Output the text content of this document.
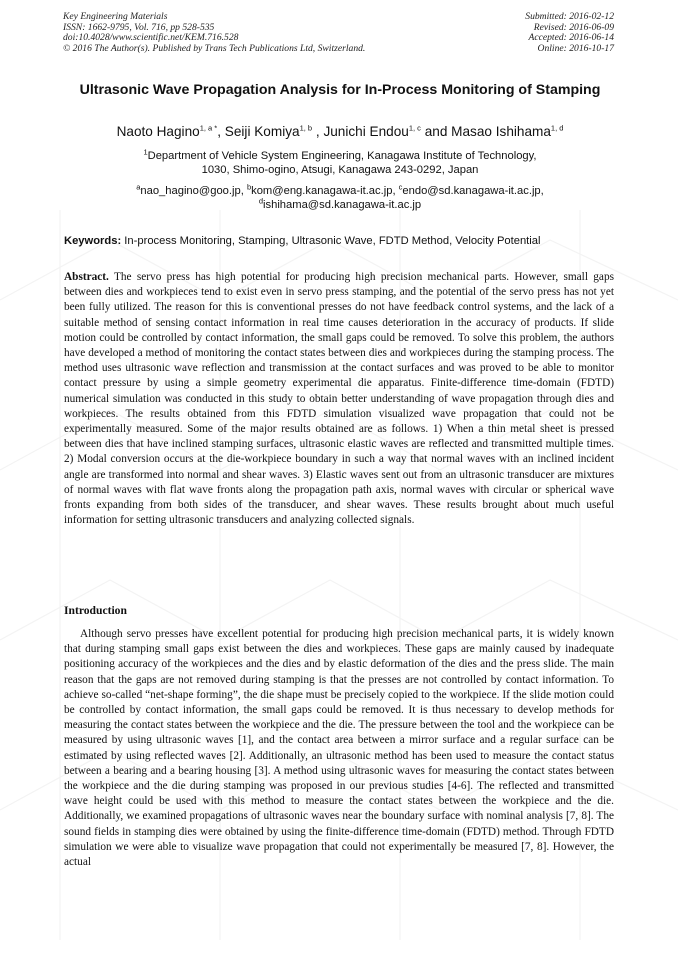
Key Engineering Materials
ISSN: 1662-9795, Vol. 716, pp 528-535
doi:10.4028/www.scientific.net/KEM.716.528
© 2016 The Author(s). Published by Trans Tech Publications Ltd, Switzerland.
Submitted: 2016-02-12
Revised: 2016-06-09
Accepted: 2016-06-14
Online: 2016-10-17
Ultrasonic Wave Propagation Analysis for In-Process Monitoring of Stamping
Naoto Hagino$^{1, a *}$, Seiji Komiya$^{1, b}$ , Junichi Endou$^{1, c}$ and Masao Ishihama$^{1, d}$
$^1$Department of Vehicle System Engineering, Kanagawa Institute of Technology,
1030, Shimo-ogino, Atsugi, Kanagawa 243-0292, Japan
$^a$nao_hagino@goo.jp, $^b$kom@eng.kanagawa-it.ac.jp, $^c$endo@sd.kanagawa-it.ac.jp,
$^d$ishihama@sd.kanagawa-it.ac.jp
Keywords: In-process Monitoring, Stamping, Ultrasonic Wave, FDTD Method, Velocity Potential
Abstract. The servo press has high potential for producing high precision mechanical parts. However, small gaps between dies and workpieces tend to exist even in servo press stamping, and the potential of the servo press has not yet been fully utilized. The reason for this is conventional presses do not have feedback control systems, and the lack of a suitable method of sensing contact information in real time causes deterioration in the accuracy of products. If slide motion could be controlled by contact information, the small gaps could be removed. To solve this problem, the authors have developed a method of monitoring the contact states between dies and workpieces during the stamping process. The method uses ultrasonic wave reflection and transmission at the contact surfaces and was proved to be able to monitor contact pressure by using a simple geometry experimental die apparatus. Finite-difference time-domain (FDTD) numerical simulation was conducted in this study to obtain better understanding of wave propagation through dies and workpieces. The results obtained from this FDTD simulation visualized wave propagation that could not be experimentally measured. Some of the major results obtained are as follows. 1) When a thin metal sheet is pressed between dies that have inclined stamping surfaces, ultrasonic elastic waves are reflected and transmitted multiple times. 2) Modal conversion occurs at the die-workpiece boundary in such a way that normal waves with an inclined incident angle are transformed into normal and shear waves. 3) Elastic waves sent out from an ultrasonic transducer are mixtures of normal waves with flat wave fronts along the propagation path axis, normal waves with circular or spherical wave fronts expanding from both sides of the transducer, and shear waves. These results brought about much useful information for setting ultrasonic transducers and analyzing collected signals.
Introduction
Although servo presses have excellent potential for producing high precision mechanical parts, it is widely known that during stamping small gaps exist between the dies and workpieces. These gaps are mainly caused by inadequate positioning accuracy of the workpieces and the dies and by elastic deformation of the dies and the press slide. The main reason that the gaps are not removed during stamping is that the presses are not controlled by contact information. To achieve so-called “net-shape forming”, the die shape must be precisely copied to the workpiece. If the slide motion could be controlled by contact information, the small gaps could be removed. It is thus necessary to develop methods for measuring the contact states between the workpiece and the die. The pressure between the tool and the workpiece can be measured by using ultrasonic waves [1], and the contact area between a mirror surface and a regular surface can be estimated by using reflected waves [2]. Additionally, an ultrasonic method has been used to measure the contact status between a bearing and a bearing housing [3]. A method using ultrasonic waves for measuring the contact states between the workpiece and the die during stamping was proposed in our previous studies [4-6]. The reflected and transmitted wave height could be used with this method to measure the contact states between the workpiece and the die. Additionally, we examined propagations of ultrasonic waves near the boundary surface with nominal analysis [7, 8]. The sound fields in stamping dies were obtained by using the finite-difference time-domain (FDTD) method. Through FDTD simulation we were able to visualize wave propagation that could not experimentally be measured [7, 8]. However, the actual
